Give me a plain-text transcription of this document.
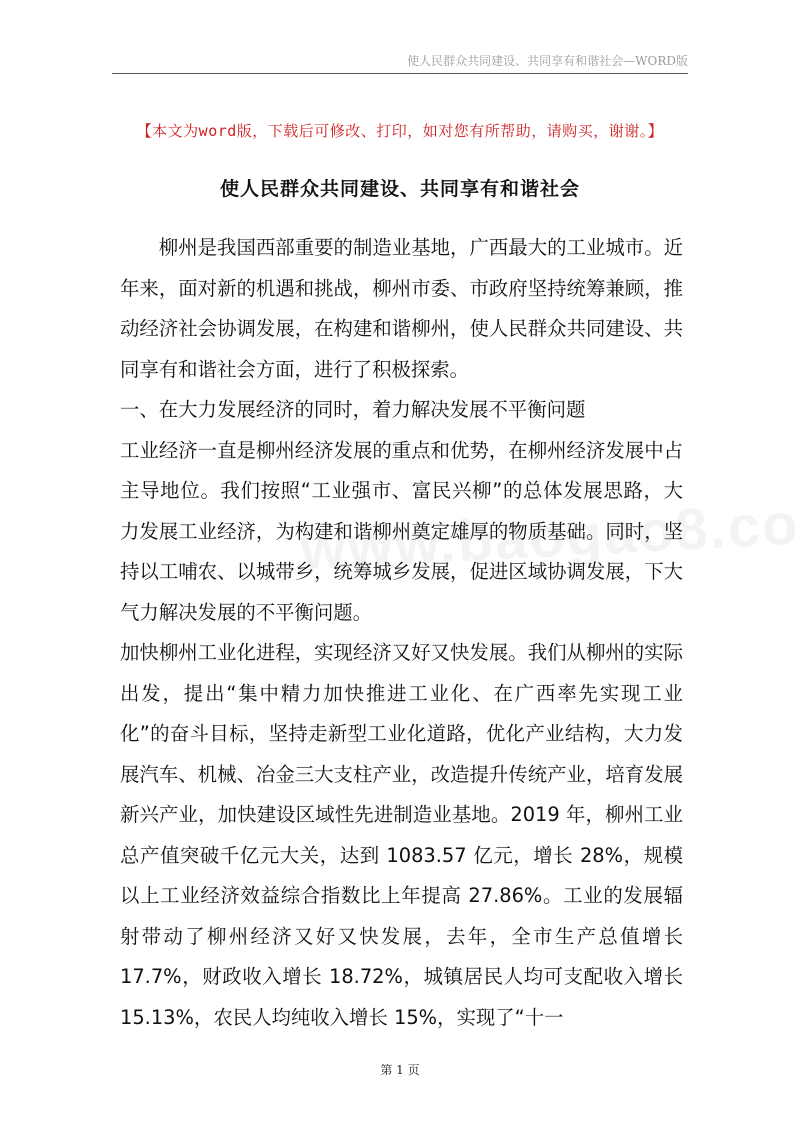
使人民群众共同建设、共同享有和谐社会—WORD版
【本文为word版，下载后可修改、打印，如对您有所帮助，请购买，谢谢。】
使人民群众共同建设、共同享有和谐社会

柳州是我国西部重要的制造业基地，广西最大的工业城市。近年来，面对新的机遇和挑战，柳州市委、市政府坚持统筹兼顾，推动经济社会协调发展，在构建和谐柳州，使人民群众共同建设、共同享有和谐社会方面，进行了积极探索。

一、在大力发展经济的同时，着力解决发展不平衡问题

工业经济一直是柳州经济发展的重点和优势，在柳州经济发展中占主导地位。我们按照“工业强市、富民兴柳”的总体发展思路，大力发展工业经济，为构建和谐柳州奠定雄厚的物质基础。同时，坚持以工哺农、以城带乡，统筹城乡发展，促进区域协调发展，下大气力解决发展的不平衡问题。

加快柳州工业化进程，实现经济又好又快发展。我们从柳州的实际出发，提出“集中精力加快推进工业化、在广西率先实现工业化”的奋斗目标，坚持走新型工业化道路，优化产业结构，大力发展汽车、机械、冶金三大支柱产业，改造提升传统产业，培育发展新兴产业，加快建设区域性先进制造业基地。2019 年，柳州工业总产值突破千亿元大关，达到 1083.57 亿元，增长 28%，规模以上工业经济效益综合指数比上年提高 27.86%。工业的发展辐射带动了柳州经济又好又快发展，去年，全市生产总值增长 17.7%，财政收入增长 18.72%，城镇居民人均可支配收入增长 15.13%，农民人均纯收入增长 15%，实现了“十一

第 1 页
